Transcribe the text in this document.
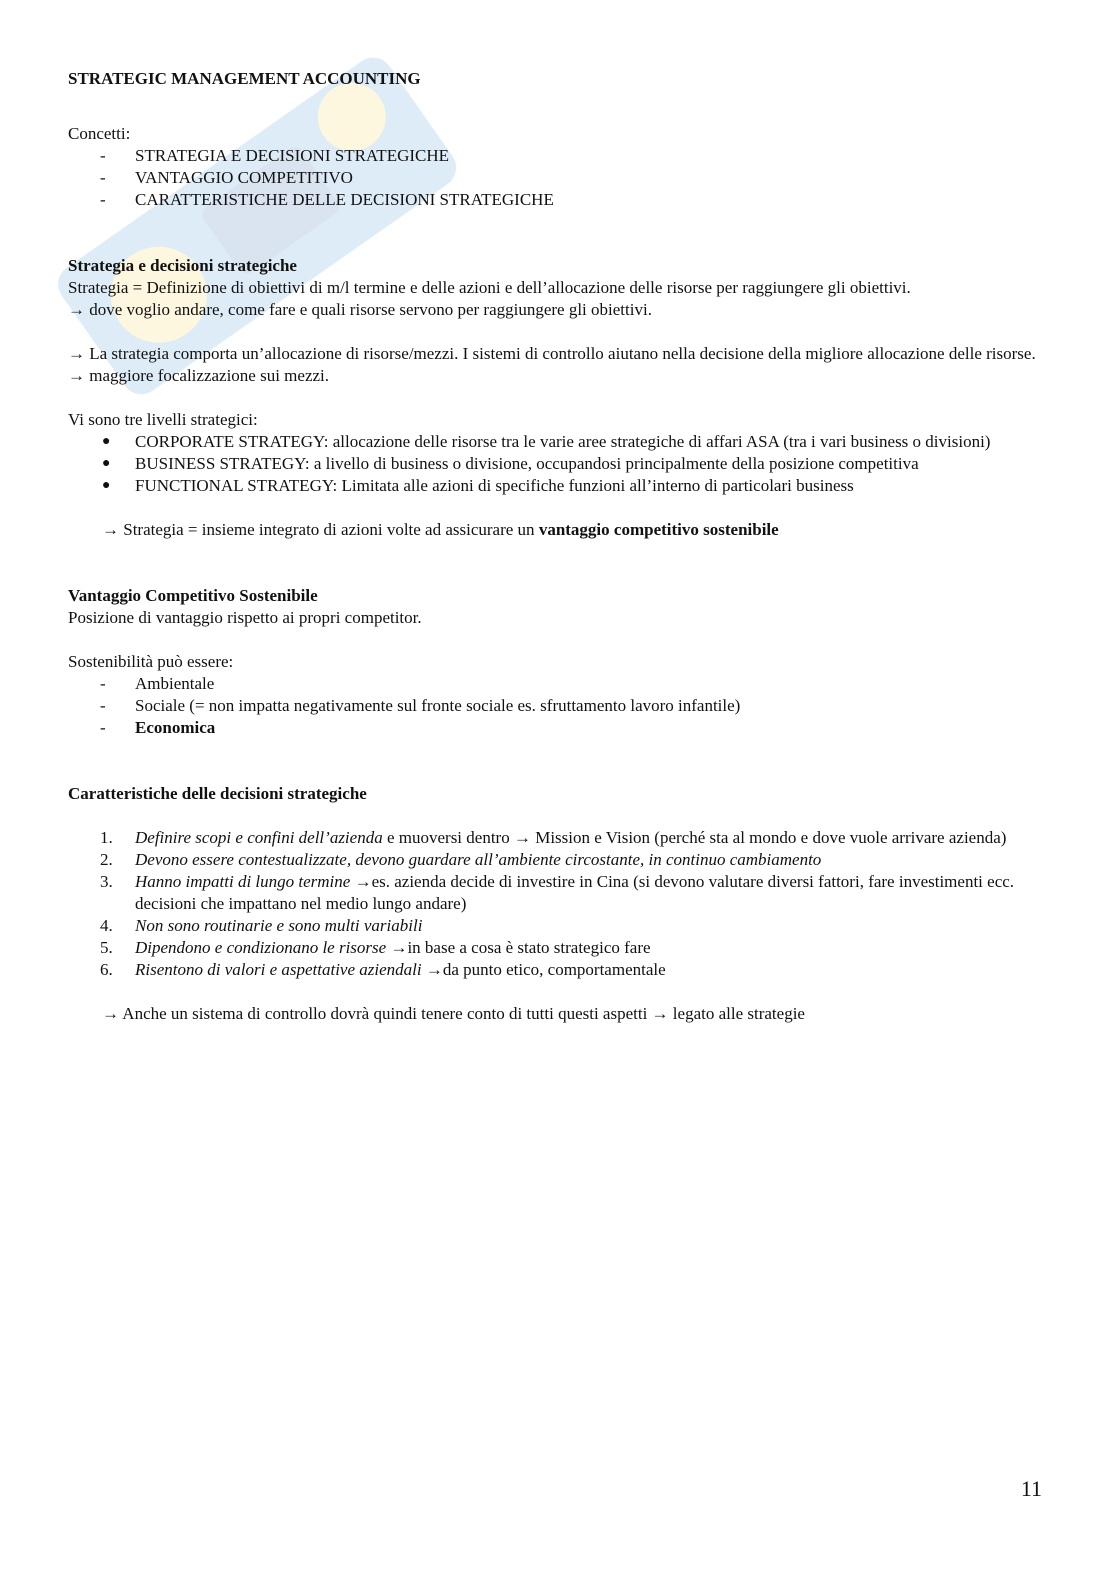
STRATEGIC MANAGEMENT ACCOUNTING

Concetti:

-	STRATEGIA E DECISIONI STRATEGICHE
-	VANTAGGIO COMPETITIVO
-	CARATTERISTICHE DELLE DECISIONI STRATEGICHE

Strategia e decisioni strategiche

Strategia = Definizione di obiettivi di m/l termine e delle azioni e dell’allocazione delle risorse per raggiungere gli obiettivi.

→ dove voglio andare, come fare e quali risorse servono per raggiungere gli obiettivi.

→ La strategia comporta un’allocazione di risorse/mezzi. I sistemi di controllo aiutano nella decisione della migliore allocazione delle risorse. → maggiore focalizzazione sui mezzi.

Vi sono tre livelli strategici:

●	CORPORATE STRATEGY: allocazione delle risorse tra le varie aree strategiche di affari ASA (tra i vari business o divisioni)
●	BUSINESS STRATEGY: a livello di business o divisione, occupandosi principalmente della posizione competitiva
●	FUNCTIONAL STRATEGY: Limitata alle azioni di specifiche funzioni all’interno di particolari business

→ Strategia = insieme integrato di azioni volte ad assicurare un vantaggio competitivo sostenibile

Vantaggio Competitivo Sostenibile

Posizione di vantaggio rispetto ai propri competitor.

Sostenibilità può essere:

-	Ambientale
-	Sociale (= non impatta negativamente sul fronte sociale es. sfruttamento lavoro infantile)
-	Economica

Caratteristiche delle decisioni strategiche

1.	Definire scopi e confini dell’azienda e muoversi dentro → Mission e Vision (perché sta al mondo e dove vuole arrivare azienda)
2.	Devono essere contestualizzate, devono guardare all’ambiente circostante, in continuo cambiamento
3.	Hanno impatti di lungo termine →es. azienda decide di investire in Cina (si devono valutare diversi fattori, fare investimenti ecc. decisioni che impattano nel medio lungo andare)
4.	Non sono routinarie e sono multi variabili
5.	Dipendono e condizionano le risorse →in base a cosa è stato strategico fare
6.	Risentono di valori e aspettative aziendali →da punto etico, comportamentale

→ Anche un sistema di controllo dovrà quindi tenere conto di tutti questi aspetti → legato alle strategie

11
